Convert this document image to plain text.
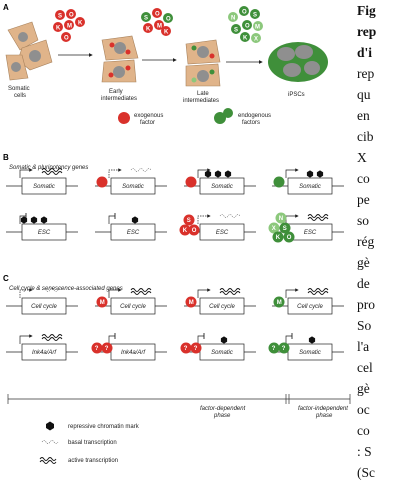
A
Somatic
cells
S O
K M K
O
Early
intermediates
S
O
K M
O
K
Late
intermediates
N
O S
S
O M
K X
iPSCs
exogenous
factor
endogenous
factors
B
Somatic & pluripotency genes
Somatic	Somatic	Somatic	Somatic
ESC	ESC	ESC
S
K O	ESC
N
X S
K O
C
Cell cycle & senescence-associated genes
Cell cycle	Cell cycle
M
Cell cycle
M
Cell cycle
M
Ink4a/Arf	Ink4a/Arf
? ?
Somatic
? ?
Somatic
? ?
factor-dependent
phase
factor-independent
phase
repressive chromatin mark
basal transcription
active transcription
Fig
rep
d'i
rep
qu
en
cib
X
co
pe
so
rég
gè
de
pro
So
l'a
cel
gè
oc
co
: S
(Sc
